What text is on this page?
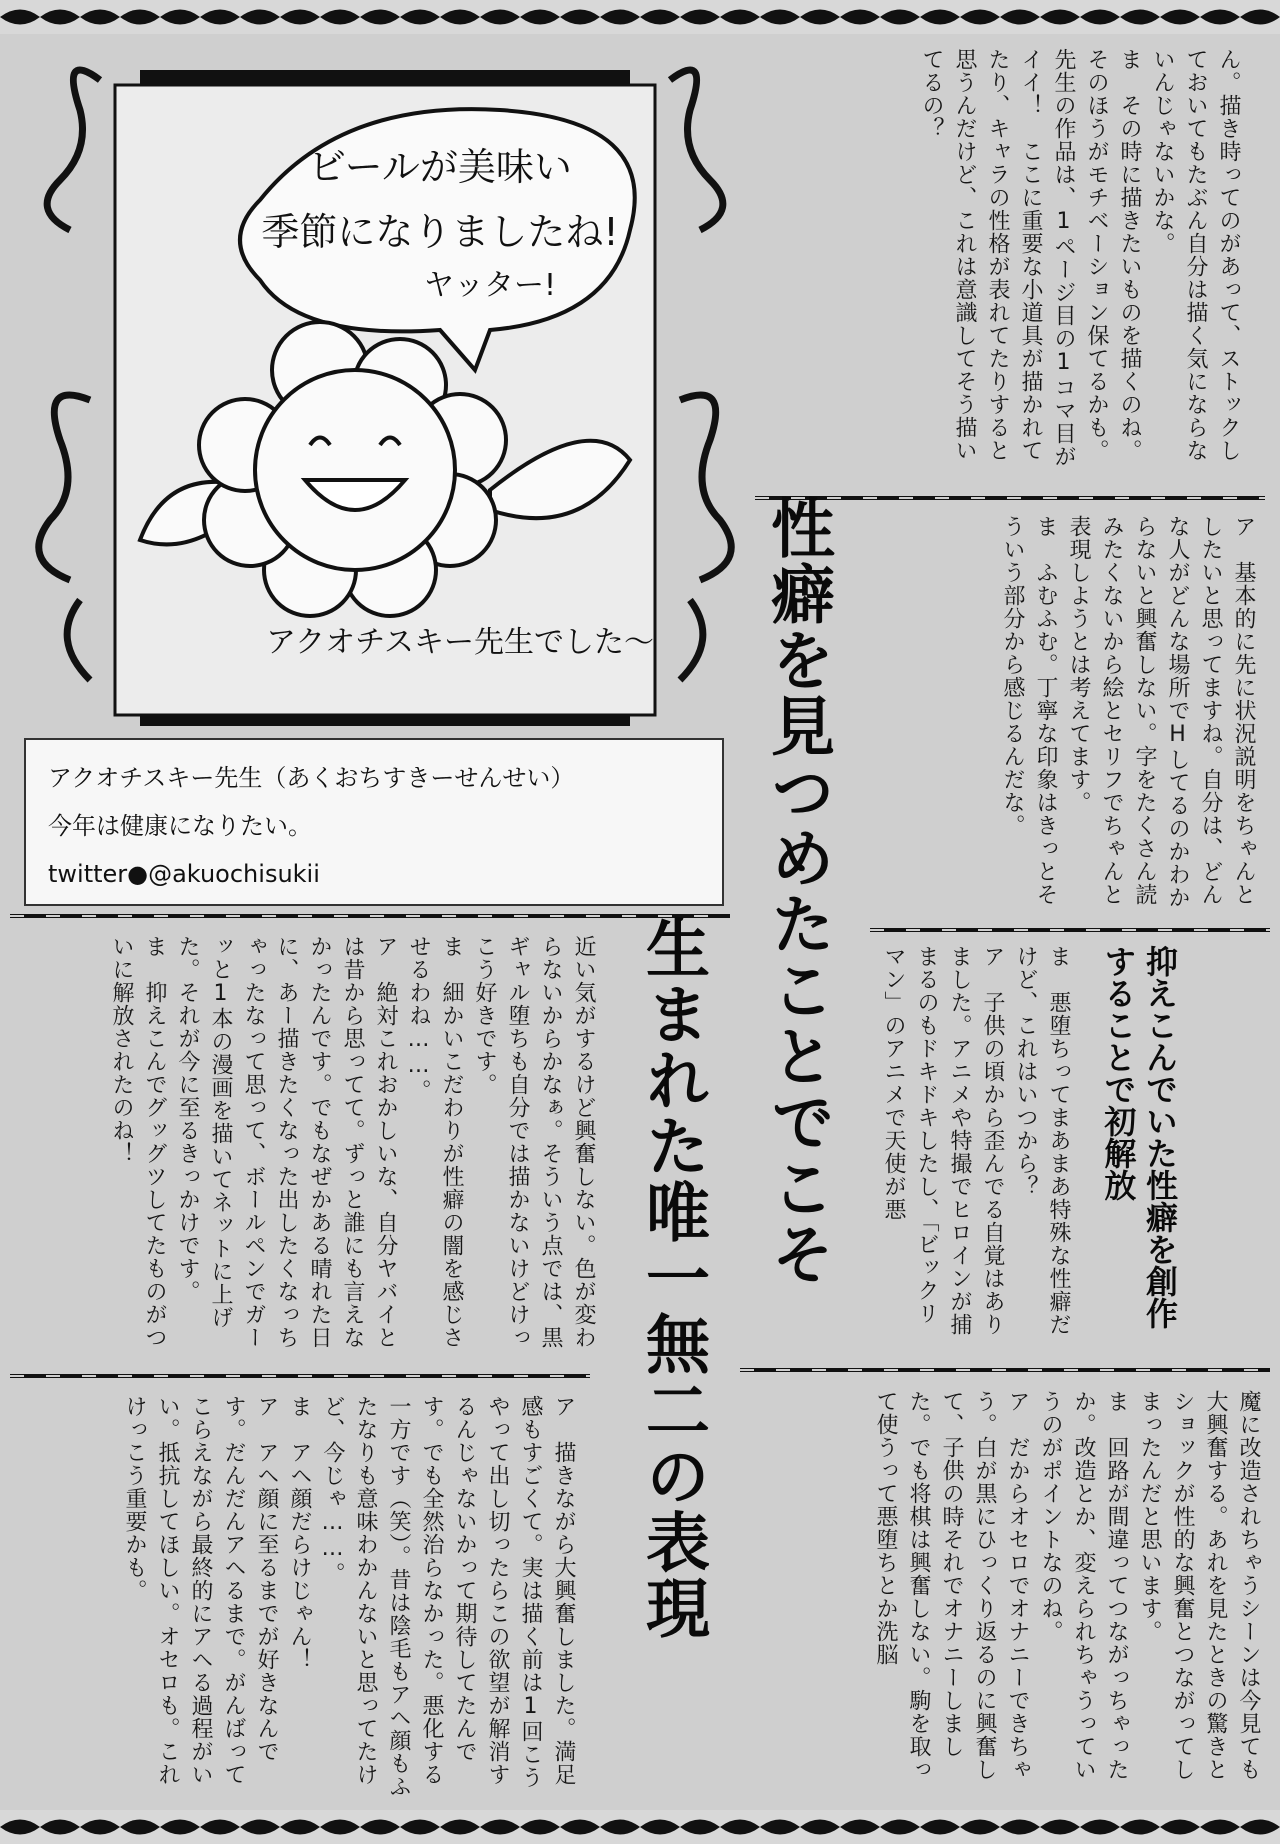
ビールが美味い
季節になりましたね!
ヤッター!
アクオチスキー先生でした〜
アクオチスキー先生（あくおちすきーせんせい）
今年は健康になりたい。
twitter●@akuochisukii

ん。描き時ってのがあって、ストックしておいてもたぶん自分は描く気にならないんじゃないかな。

ま　その時に描きたいものを描くのね。そのほうがモチベーション保てるかも。先生の作品は、1ページ目の1コマ目がイイ！　ここに重要な小道具が描かれてたり、キャラの性格が表れてたりすると思うんだけど、これは意識してそう描いてるの？

性癖を見つめたことでこそ
生まれた唯一無二の表現

ア　基本的に先に状況説明をちゃんとしたいと思ってますね。自分は、どんな人がどんな場所でHしてるのかわからないと興奮しない。字をたくさん読みたくないから絵とセリフでちゃんと表現しようとは考えてます。

ま　ふむふむ。丁寧な印象はきっとそういう部分から感じるんだな。

抑えこんでいた性癖を創作することで初解放

ま　悪堕ちってまあまあ特殊な性癖だけど、これはいつから？

ア　子供の頃から歪んでる自覚はありました。アニメや特撮でヒロインが捕まるのもドキドキしたし、「ビックリマン」のアニメで天使が悪

魔に改造されちゃうシーンは今見ても大興奮する。あれを見たときの驚きとショックが性的な興奮とつながってしまったんだと思います。

ま　回路が間違ってつながっちゃったか。改造とか、変えられちゃうっていうのがポイントなのね。

ア　だからオセロでオナニーできちゃう。白が黒にひっくり返るのに興奮して、子供の時それでオナニーしました。でも将棋は興奮しない。駒を取って使うって悪堕ちとか洗脳

近い気がするけど興奮しない。色が変わらないからかなぁ。そういう点では、黒ギャル堕ちも自分では描かないけどけっこう好きです。

ま　細かいこだわりが性癖の闇を感じさせるわね……。

ア　絶対これおかしいな、自分ヤバイとは昔から思ってて。ずっと誰にも言えなかったんです。でもなぜかある晴れた日に、あー描きたくなった出したくなっちゃったなって思って、ボールペンでガーッと1本の漫画を描いてネットに上げた。それが今に至るきっかけです。

ま　抑えこんでグッグツしてたものがついに解放されたのね！

ア　描きながら大興奮しました。満足感もすごくて。実は描く前は1回こうやって出し切ったらこの欲望が解消するんじゃないかって期待してたんです。でも全然治らなかった。悪化する一方です（笑）。昔は陰毛もアヘ顔もふたなりも意味わかんないと思ってたけど、今じゃ……。

ま　アヘ顔だらけじゃん！

ア　アヘ顔に至るまでが好きなんです。だんだんアヘるまで。がんばってこらえながら最終的にアヘる過程がいい。抵抗してほしい。オセロも。これけっこう重要かも。
